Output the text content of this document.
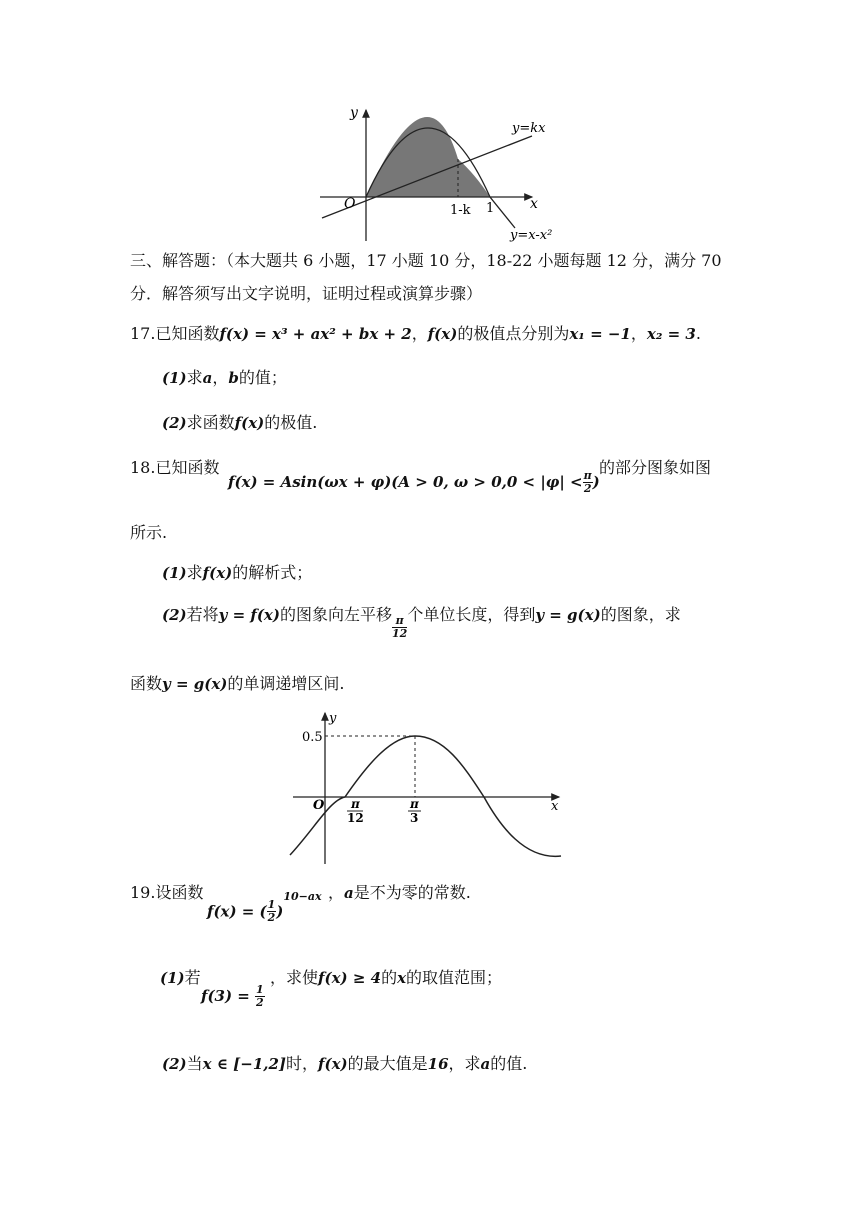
y
x
O
y=kx
y=x-x²
1-k 1
三、解答题：（本大题共 6 小题，17 小题 10 分，18-22 小题每题 12 分，满分 70
分．解答须写出文字说明，证明过程或演算步骤）
17.已知函数f(x) = x³ + ax² + bx + 2，f(x)的极值点分别为x₁ = −1，x₂ = 3.
(1)求a，b的值；
(2)求函数f(x)的极值.
18.已知函数
f(x) = Asin(ωx + φ)(A > 0, $\omega > 0,0 < |\varphi| < \frac{\pi}{2}$ )
的部分图象如图
所示.
(1)求f(x)的解析式；
(2)若将y = f(x)的图象向左平移
$\frac{\pi}{12}$
个单位长度，得到y = g(x)的图象，求
函数y = g(x)的单调递增区间.
y
x
O
0.5
π
12
π
3
19.设函数
f(x) = ( $\frac{1}{2} )^{10-ax}$ ，a是不为零的常数.
(1)若
$f(3) = \frac{1}{2}$
，求使f(x) ≥ 4的x的取值范围；
(2)当x ∈ [−1,2]时，f(x)的最大值是16，求a的值.
